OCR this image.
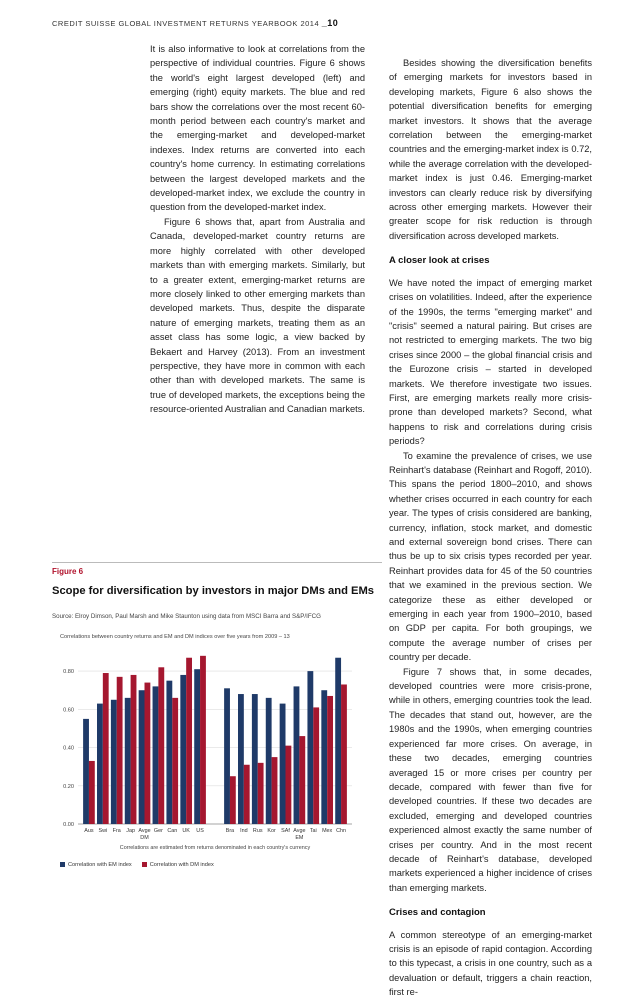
CREDIT SUISSE GLOBAL INVESTMENT RETURNS YEARBOOK 2014 _10

It is also informative to look at correlations from the perspective of individual countries. Figure 6 shows the world's eight largest developed (left) and emerging (right) equity markets. The blue and red bars show the correlations over the most recent 60-month period between each country's market and the emerging-market and developed-market indexes. Index returns are converted into each country's home currency. In estimating correlations between the largest developed markets and the developed-market index, we exclude the country in question from the developed-market index.

Figure 6 shows that, apart from Australia and Canada, developed-market country returns are more highly correlated with other developed markets than with emerging markets. Similarly, but to a greater extent, emerging-market returns are more closely linked to other emerging markets than developed markets. Thus, despite the disparate nature of emerging markets, treating them as an asset class has some logic, a view backed by Bekaert and Harvey (2013). From an investment perspective, they have more in common with each other than with developed markets. The same is true of developed markets, the exceptions being the resource-oriented Australian and Canadian markets.

Besides showing the diversification benefits of emerging markets for investors based in developing markets, Figure 6 also shows the potential diversification benefits for emerging market investors. It shows that the average correlation between the emerging-market countries and the emerging-market index is 0.72, while the average correlation with the developed-market index is just 0.46. Emerging-market investors can clearly reduce risk by diversifying across other emerging markets. However their greater scope for risk reduction is through diversification across developed markets.

A closer look at crises

We have noted the impact of emerging market crises on volatilities. Indeed, after the experience of the 1990s, the terms "emerging market" and "crisis" seemed a natural pairing. But crises are not restricted to emerging markets. The two big crises since 2000 – the global financial crisis and the Eurozone crisis – started in developed markets. We therefore investigate two issues. First, are emerging markets really more crisis-prone than developed markets? Second, what happens to risk and correlations during crisis periods?

To examine the prevalence of crises, we use Reinhart's database (Reinhart and Rogoff, 2010). This spans the period 1800–2010, and shows whether crises occurred in each country for each year. The types of crisis considered are banking, currency, inflation, stock market, and domestic and external sovereign bond crises. There can thus be up to six crisis types recorded per year. Reinhart provides data for 45 of the 50 countries that we examined in the previous section. We categorize these as either developed or emerging in each year from 1900–2010, based on GDP per capita. For both groupings, we compute the average number of crises per country per decade.

Figure 7 shows that, in some decades, developed countries were more crisis-prone, while in others, emerging countries took the lead. The decades that stand out, however, are the 1980s and the 1990s, when emerging countries experienced far more crises. On average, in these two decades, emerging countries averaged 15 or more crises per country per decade, compared with fewer than five for developed countries. If these two decades are excluded, emerging and developed countries experienced almost exactly the same number of crises per country. And in the most recent decade of Reinhart's database, developed markets experienced a higher incidence of crises than emerging markets.

Crises and contagion

A common stereotype of an emerging-market crisis is an episode of rapid contagion. According to this typecast, a crisis in one country, such as a devaluation or default, triggers a chain reaction, first re-

Figure 6
Scope for diversification by investors in major DMs and EMs
Source: Elroy Dimson, Paul Marsh and Mike Staunton using data from MSCI Barra and S&P/IFCG
Correlations between country returns and EM and DM indices over five years from 2009 – 13
0.00
0.20
0.40
0.60
0.80
Aus Swi Fra Jap Avge
DM
Ger Can UK US	Bra Ind Rus Kor SAf Avge
EM
Tai Mex Chn
Correlations are estimated from returns denominated in each country's currency
Correlation with EM index	Correlation with DM index
